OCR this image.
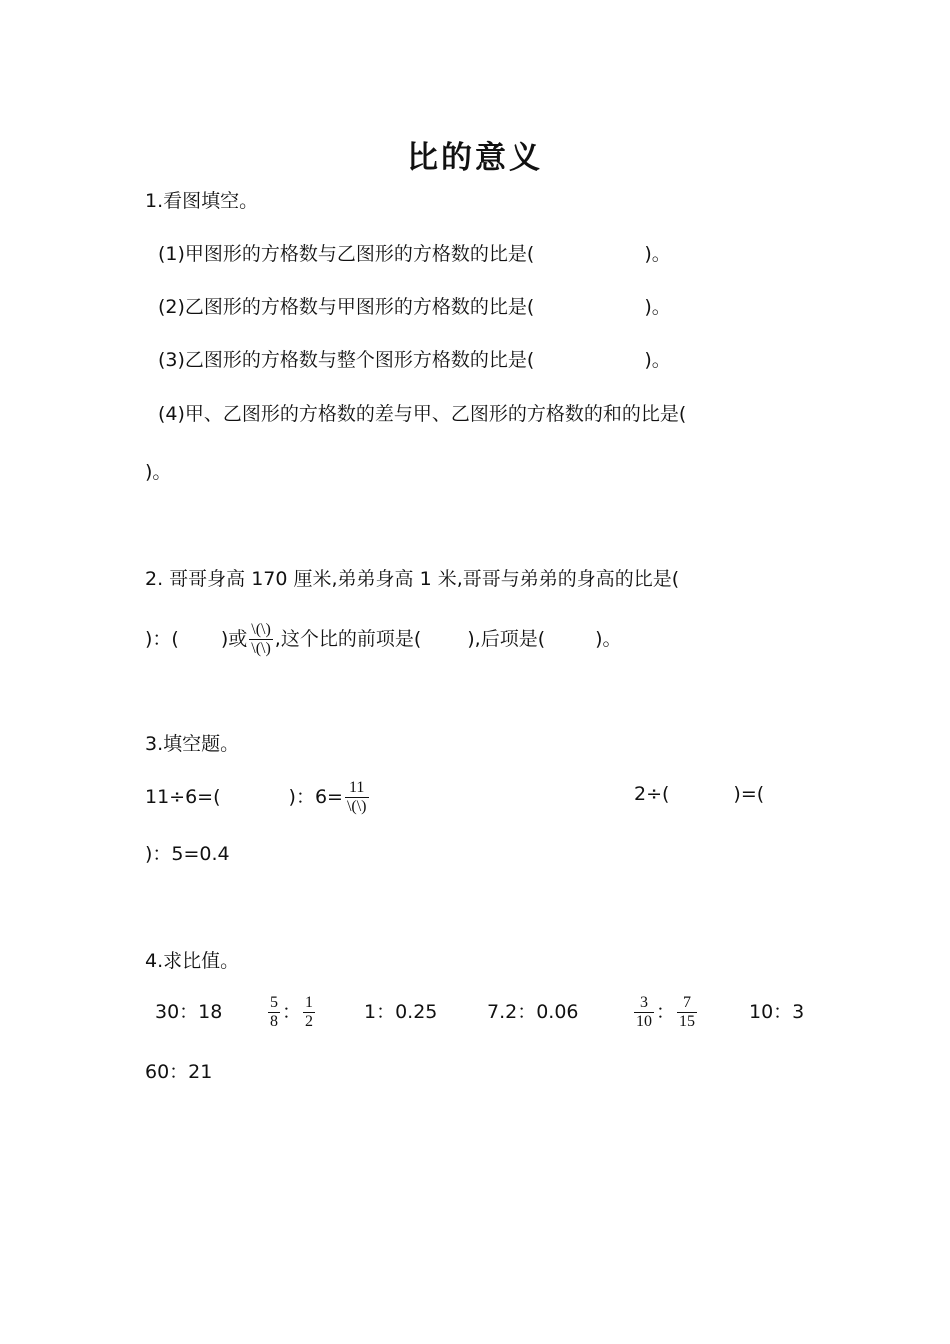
比的意义
1.看图填空。
(1)甲图形的方格数与乙图形的方格数的比是(	)。
(2)乙图形的方格数与甲图形的方格数的比是(	)。
(3)乙图形的方格数与整个图形方格数的比是(	)。
(4)甲、乙图形的方格数的差与甲、乙图形的方格数的和的比是(
)。
2. 哥哥身高 170 厘米,弟弟身高 1 米,哥哥与弟弟的身高的比是(
)：( )或 $\frac{\backslash(\backslash)}{\backslash(\backslash)}$ ,这个比的前项是( ),后项是(	)。
3.填空题。
11÷6=(	)：$6= \frac{11}{\backslash(\backslash)}$	2÷(	)=(
)：5=0.4
4.求比值。
30：18	$\frac{5}{8}$ ： $\frac{1}{2}$	1：0.25	7.2：0.06	$\frac{3}{10}$ ： $\frac{7}{15}$	10：3
60：21
